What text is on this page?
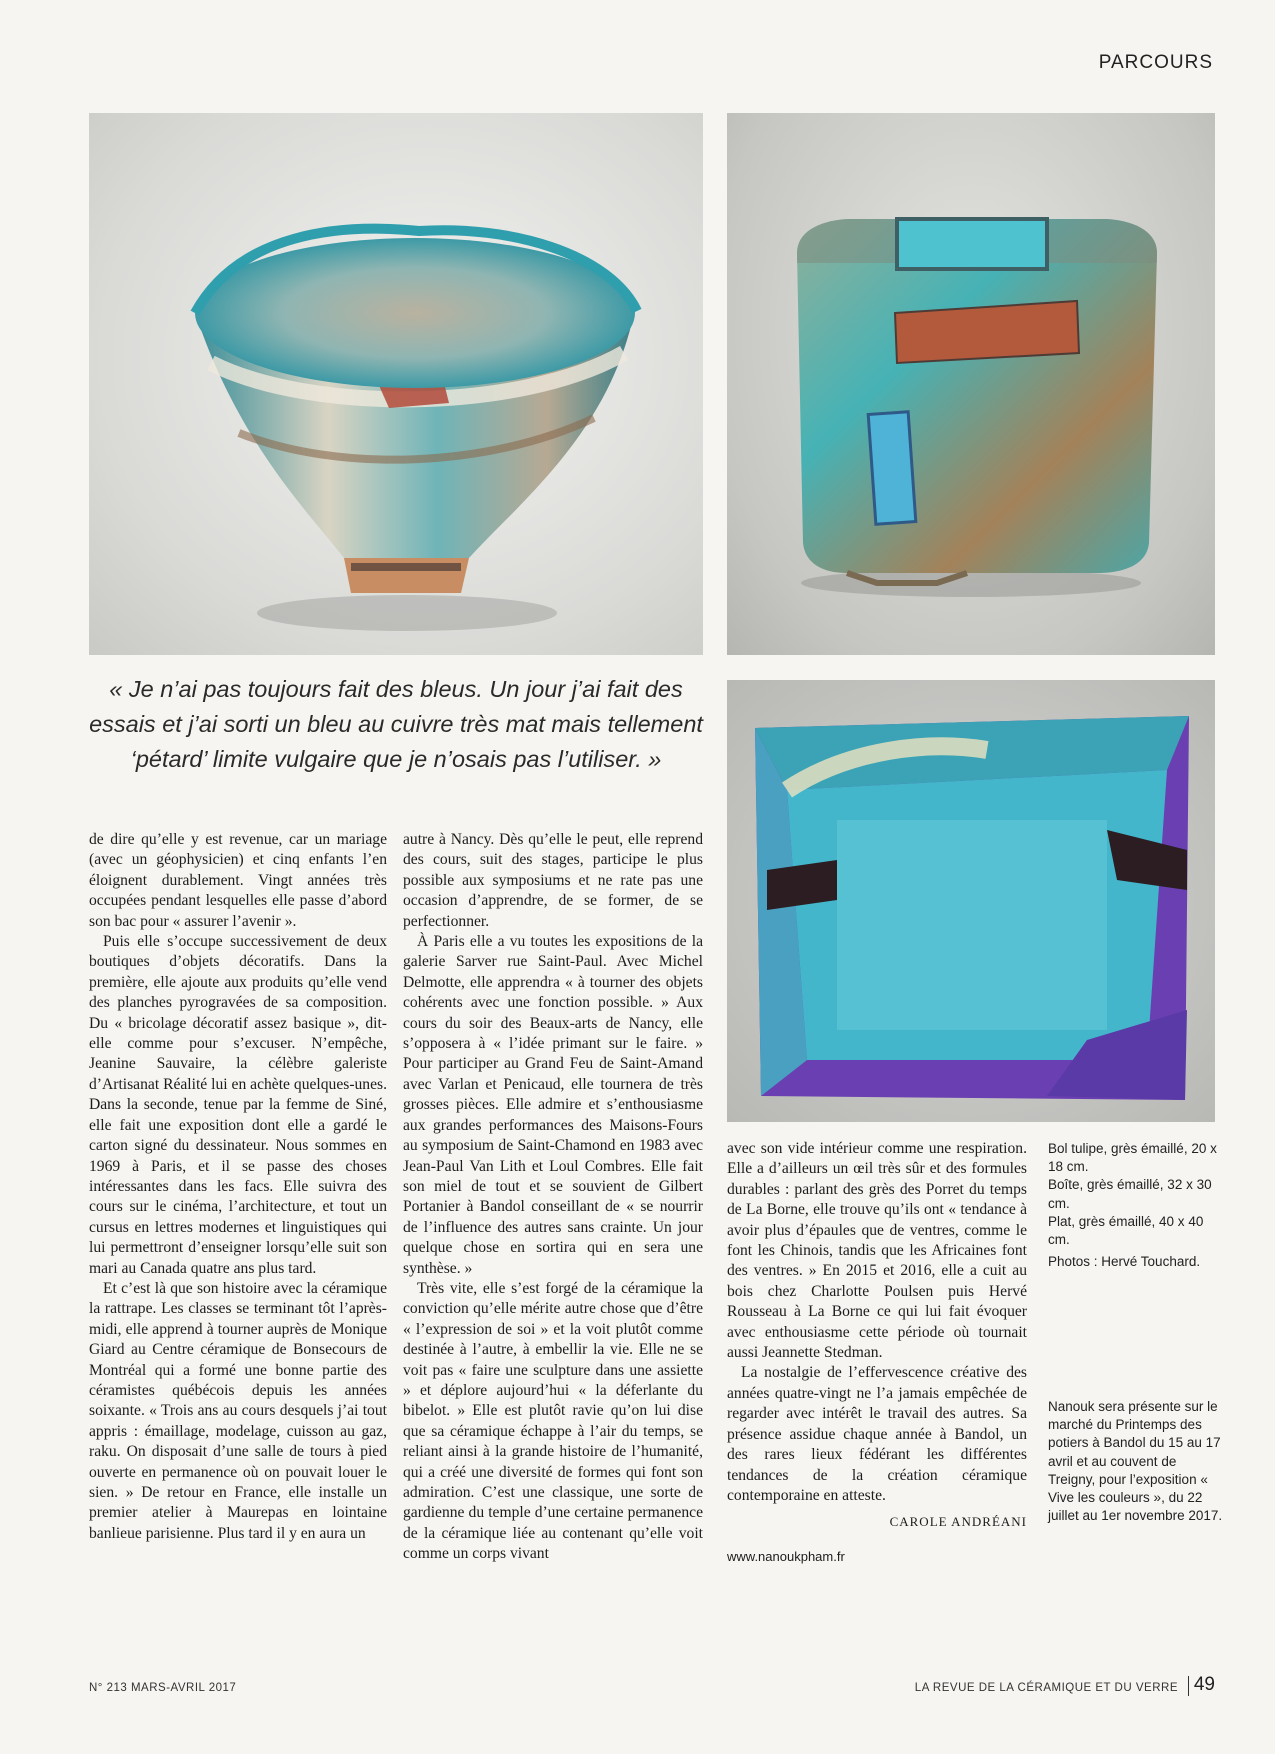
PARCOURS
« Je n’ai pas toujours fait des bleus. Un jour j’ai fait des essais et j’ai sorti un bleu au cuivre très mat mais tellement ‘pétard’ limite vulgaire que je n’osais pas l’utiliser. »

de dire qu’elle y est revenue, car un mariage (avec un géophysicien) et cinq enfants l’en éloignent durablement. Vingt années très occupées pendant lesquelles elle passe d’abord son bac pour « assurer l’avenir ».

Puis elle s’occupe successivement de deux boutiques d’objets décoratifs. Dans la première, elle ajoute aux produits qu’elle vend des planches pyrogravées de sa composition. Du « bricolage décoratif assez basique », dit-elle comme pour s’excuser. N’empêche, Jeanine Sauvaire, la célèbre galeriste d’Artisanat Réalité lui en achète quelques-unes. Dans la seconde, tenue par la femme de Siné, elle fait une exposition dont elle a gardé le carton signé du dessinateur. Nous sommes en 1969 à Paris, et il se passe des choses intéressantes dans les facs. Elle suivra des cours sur le cinéma, l’architecture, et tout un cursus en lettres modernes et linguistiques qui lui permettront d’enseigner lorsqu’elle suit son mari au Canada quatre ans plus tard.

Et c’est là que son histoire avec la céramique la rattrape. Les classes se terminant tôt l’après-midi, elle apprend à tourner auprès de Monique Giard au Centre céramique de Bonsecours de Montréal qui a formé une bonne partie des céramistes québécois depuis les années soixante. « Trois ans au cours desquels j’ai tout appris : émaillage, modelage, cuisson au gaz, raku. On disposait d’une salle de tours à pied ouverte en permanence où on pouvait louer le sien. » De retour en France, elle installe un premier atelier à Maurepas en lointaine banlieue parisienne. Plus tard il y en aura un

autre à Nancy. Dès qu’elle le peut, elle reprend des cours, suit des stages, participe le plus possible aux symposiums et ne rate pas une occasion d’apprendre, de se former, de se perfectionner.

À Paris elle a vu toutes les expositions de la galerie Sarver rue Saint-Paul. Avec Michel Delmotte, elle apprendra « à tourner des objets cohérents avec une fonction possible. » Aux cours du soir des Beaux-arts de Nancy, elle s’opposera à « l’idée primant sur le faire. » Pour participer au Grand Feu de Saint-Amand avec Varlan et Penicaud, elle tournera de très grosses pièces. Elle admire et s’enthousiasme aux grandes performances des Maisons-Fours au symposium de Saint-Chamond en 1983 avec Jean-Paul Van Lith et Loul Combres. Elle fait son miel de tout et se souvient de Gilbert Portanier à Bandol conseillant de « se nourrir de l’influence des autres sans crainte. Un jour quelque chose en sortira qui en sera une synthèse. »

Très vite, elle s’est forgé de la céramique la conviction qu’elle mérite autre chose que d’être « l’expression de soi » et la voit plutôt comme destinée à l’autre, à embellir la vie. Elle ne se voit pas « faire une sculpture dans une assiette » et déplore aujourd’hui « la déferlante du bibelot. » Elle est plutôt ravie qu’on lui dise que sa céramique échappe à l’air du temps, se reliant ainsi à la grande histoire de l’humanité, qui a créé une diversité de formes qui font son admiration. C’est une classique, une sorte de gardienne du temple d’une certaine permanence de la céramique liée au contenant qu’elle voit comme un corps vivant

avec son vide intérieur comme une respiration. Elle a d’ailleurs un œil très sûr et des formules durables : parlant des grès des Porret du temps de La Borne, elle trouve qu’ils ont « tendance à avoir plus d’épaules que de ventres, comme le font les Chinois, tandis que les Africaines font des ventres. » En 2015 et 2016, elle a cuit au bois chez Charlotte Poulsen puis Hervé Rousseau à La Borne ce qui lui fait évoquer avec enthousiasme cette période où tournait aussi Jeannette Stedman.

La nostalgie de l’effervescence créative des années quatre-vingt ne l’a jamais empêchée de regarder avec intérêt le travail des autres. Sa présence assidue chaque année à Bandol, un des rares lieux fédérant les différentes tendances de la création céramique contemporaine en atteste.

CAROLE ANDRÉANI
www.nanoukpham.fr
Bol tulipe, grès émaillé, 20 x 18 cm.
Boîte, grès émaillé, 32 x 30 cm.
Plat, grès émaillé, 40 x 40 cm.
Photos : Hervé Touchard.
Nanouk sera présente sur le marché du Printemps des potiers à Bandol du 15 au 17 avril et au couvent de Treigny, pour l’exposition « Vive les couleurs », du 22 juillet au 1er novembre 2017.
N° 213 MARS-AVRIL 2017	LA REVUE DE LA CÉRAMIQUE ET DU VERRE 49
